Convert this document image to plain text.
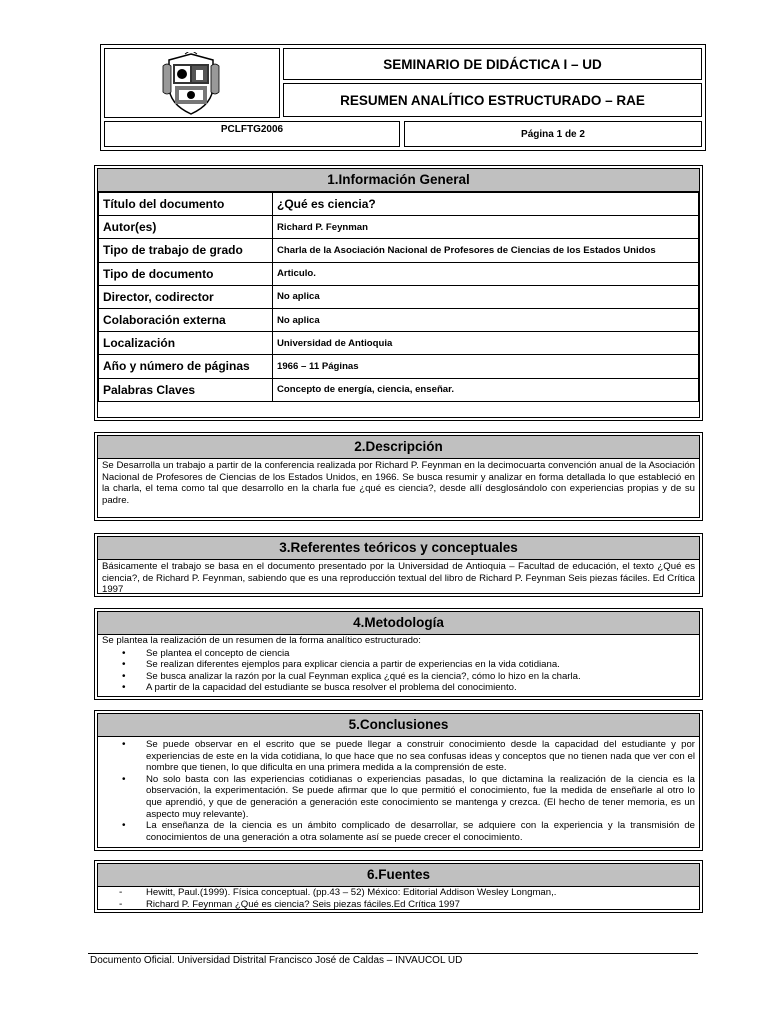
SEMINARIO DE DIDÁCTICA I – UD
RESUMEN ANALÍTICO ESTRUCTURADO – RAE
PCLFTG2006	Página 1 de 2
1.Información General
Título del documento	¿Qué es ciencia?
Autor(es)	Richard P. Feynman
Tipo de trabajo de grado	Charla de la Asociación Nacional de Profesores de Ciencias de los Estados Unidos
Tipo de documento	Articulo.
Director, codirector	No aplica
Colaboración externa	No aplica
Localización	Universidad de Antioquia
Año y número de páginas	1966 – 11 Páginas
Palabras Claves	Concepto de energía, ciencia, enseñar.
2.Descripción
Se Desarrolla un trabajo a partir de la conferencia realizada por Richard P. Feynman en la decimocuarta convención anual de la Asociación Nacional de Profesores de Ciencias de los Estados Unidos, en 1966. Se busca resumir y analizar en forma detallada lo que estableció en la charla, el tema como tal que desarrollo en la charla fue ¿qué es ciencia?, desde allí desglosándolo con experiencias propias y de su padre.
3.Referentes teóricos y conceptuales
Básicamente el trabajo se basa en el documento presentado por la Universidad de Antioquia – Facultad de educación, el texto ¿Qué es ciencia?, de Richard P. Feynman, sabiendo que es una reproducción textual del libro de Richard P. Feynman Seis piezas fáciles. Ed Crítica 1997
4.Metodología
Se plantea la realización de un resumen de la forma analítico estructurado:
• Se plantea el concepto de ciencia
• Se realizan diferentes ejemplos para explicar ciencia a partir de experiencias en la vida cotidiana.
• Se busca analizar la razón por la cual Feynman explica ¿qué es la ciencia?, cómo lo hizo en la charla.
• A partir de la capacidad del estudiante se busca resolver el problema del conocimiento.
5.Conclusiones
• Se puede observar en el escrito que se puede llegar a construir conocimiento desde la capacidad del estudiante y por experiencias de este en la vida cotidiana, lo que hace que no sea confusas ideas y conceptos que no tienen nada que ver con el nombre que tienen, lo que dificulta en una primera medida a la comprensión de este.
• No solo basta con las experiencias cotidianas o experiencias pasadas, lo que dictamina la realización de la ciencia es la observación, la experimentación. Se puede afirmar que lo que permitió el conocimiento, fue la medida de enseñarle al otro lo que aprendió, y que de generación a generación este conocimiento se mantenga y crezca. (El hecho de tener memoria, es un aspecto muy relevante).
• La enseñanza de la ciencia es un ámbito complicado de desarrollar, se adquiere con la experiencia y la transmisión de conocimientos de una generación a otra solamente así se puede crecer el conocimiento.
6.Fuentes
- Hewitt, Paul.(1999). Física conceptual. (pp.43 – 52) México: Editorial Addison Wesley Longman,.
- Richard P. Feynman ¿Qué es ciencia? Seis piezas fáciles.Ed Crítica 1997
Documento Oficial. Universidad Distrital Francisco José de Caldas – INVAUCOL UD
